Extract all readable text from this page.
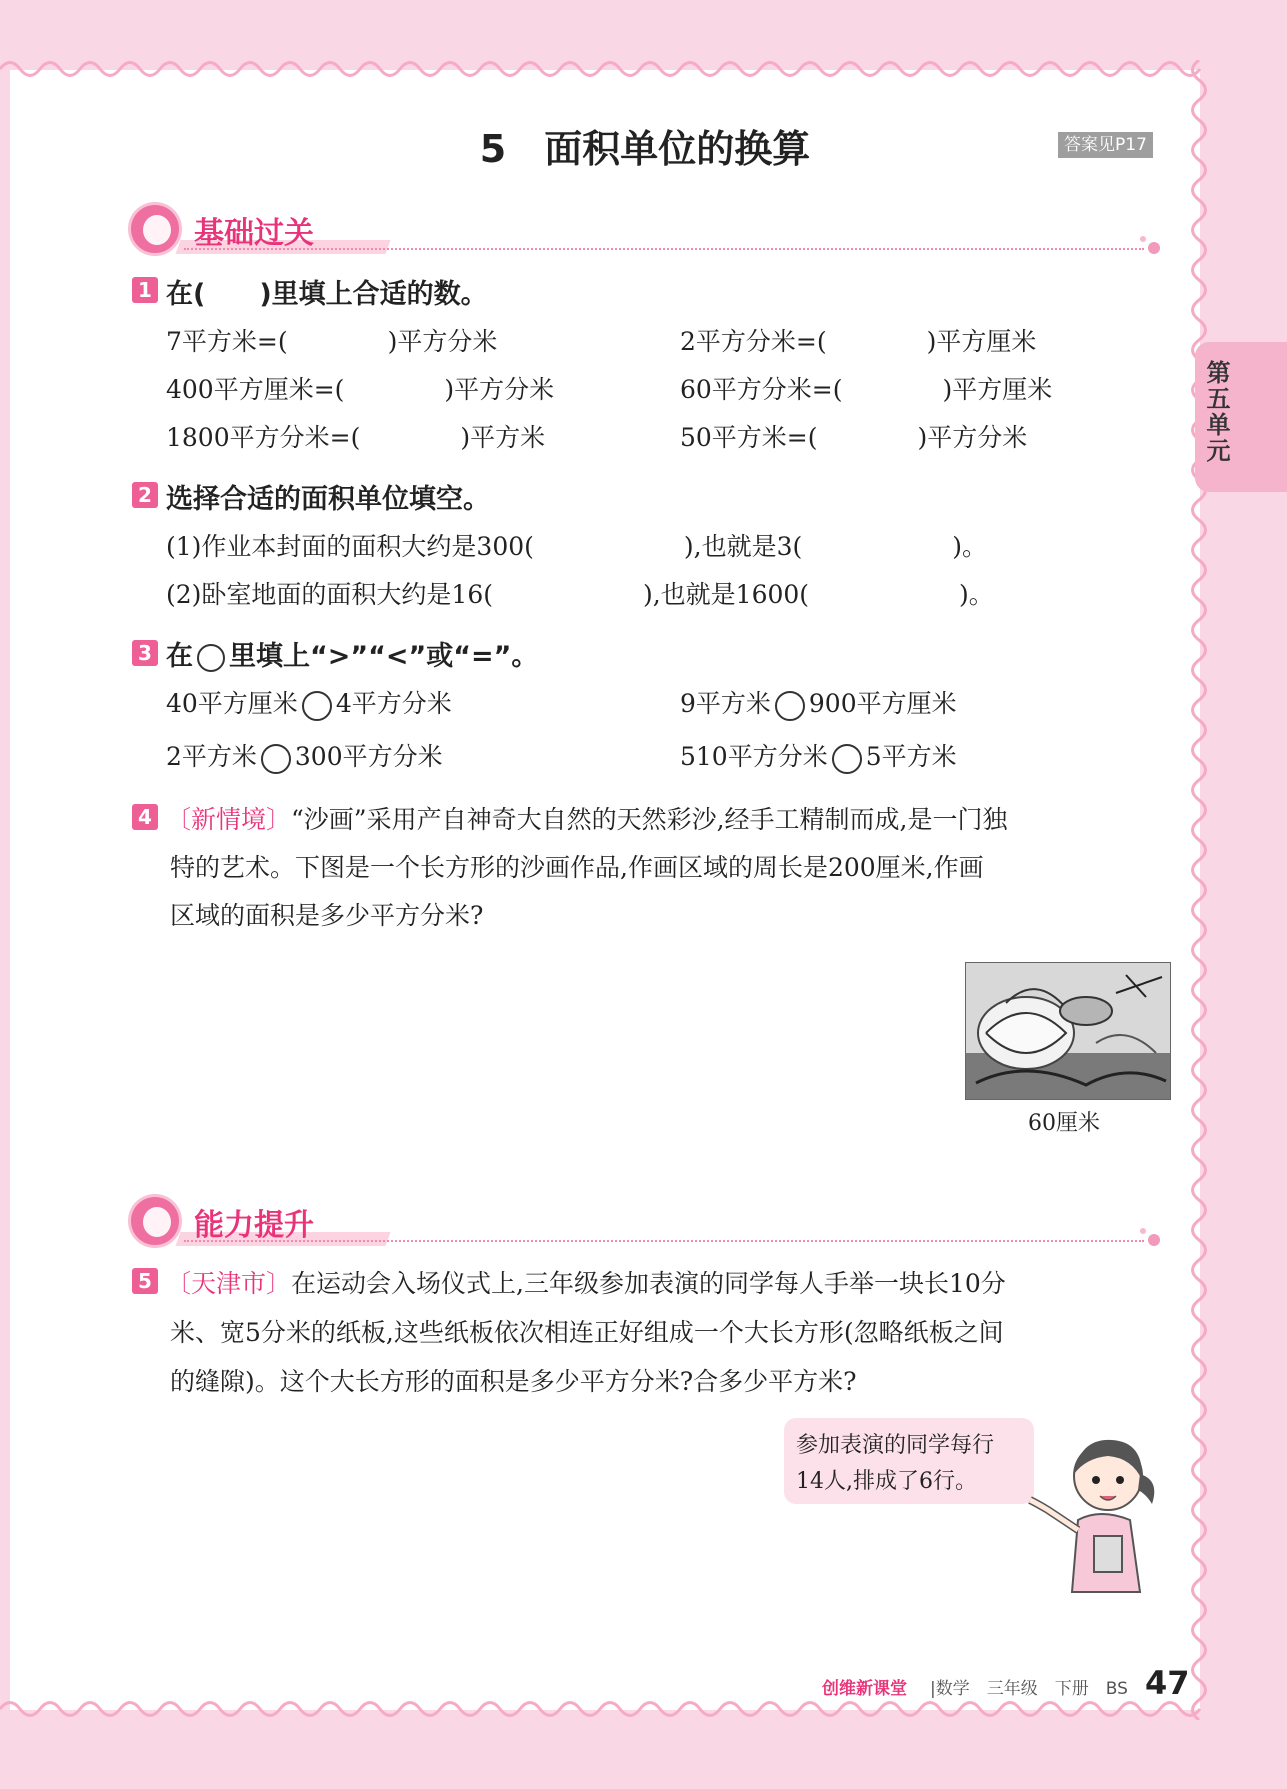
5　面积单位的换算	答案见P17
第五单元
基础过关
1 在(　　)里填上合适的数。
7平方米=(　　　　)平方分米	2平方分米=(　　　　)平方厘米
400平方厘米=(　　　　)平方分米	60平方分米=(　　　　)平方厘米
1800平方分米=(　　　　)平方米	50平方米=(　　　　)平方分米
2 选择合适的面积单位填空。
(1)作业本封面的面积大约是300(　　　　　　),也就是3(　　　　　　)。
(2)卧室地面的面积大约是16(　　　　　　),也就是1600(　　　　　　)。
3 在 里填上“>”“<”或“=”。
40平方厘米 4平方分米	9平方米 900平方厘米
2平方米 300平方分米	510平方分米 5平方米
4 〔新情境〕“沙画”采用产自神奇大自然的天然彩沙,经手工精制而成,是一门独
特的艺术。下图是一个长方形的沙画作品,作画区域的周长是200厘米,作画
区域的面积是多少平方分米?
60厘米
能力提升
5 〔天津市〕在运动会入场仪式上,三年级参加表演的同学每人手举一块长10分
米、宽5分米的纸板,这些纸板依次相连正好组成一个大长方形(忽略纸板之间
的缝隙)。这个大长方形的面积是多少平方分米?合多少平方米?
参加表演的同学每行
14人,排成了6行。
创维新课堂 |数学　三年级　下册　BS 47
